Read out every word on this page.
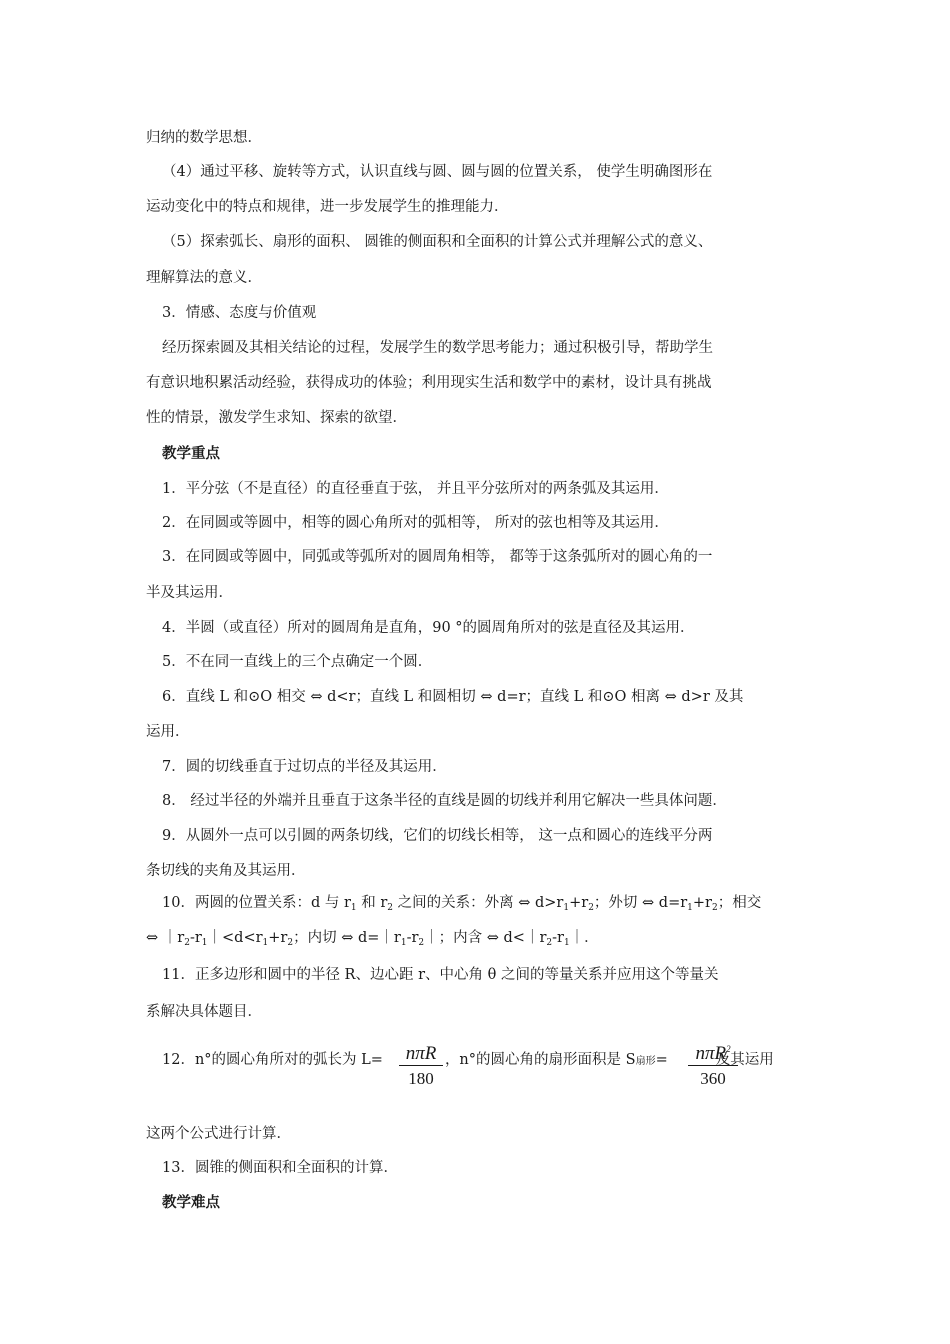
归纳的数学思想．
（4）通过平移、旋转等方式，认识直线与圆、圆与圆的位置关系， 使学生明确图形在
运动变化中的特点和规律，进一步发展学生的推理能力．
（5）探索弧长、扇形的面积、 圆锥的侧面积和全面积的计算公式并理解公式的意义、
理解算法的意义．
3．情感、态度与价值观
经历探索圆及其相关结论的过程，发展学生的数学思考能力；通过积极引导，帮助学生
有意识地积累活动经验，获得成功的体验；利用现实生活和数学中的素材，设计具有挑战
性的情景，激发学生求知、探索的欲望．
教学重点
1．平分弦（不是直径）的直径垂直于弦， 并且平分弦所对的两条弧及其运用．
2．在同圆或等圆中，相等的圆心角所对的弧相等， 所对的弦也相等及其运用．
3．在同圆或等圆中，同弧或等弧所对的圆周角相等， 都等于这条弧所对的圆心角的一
半及其运用．
4．半圆（或直径）所对的圆周角是直角，90 °的圆周角所对的弦是直径及其运用．
5．不在同一直线上的三个点确定一个圆．
6．直线 L 和⊙O 相交 ⇔ d<r；直线 L 和圆相切 ⇔ d=r；直线 L 和⊙O 相离 ⇔ d>r 及其
运用．
7．圆的切线垂直于过切点的半径及其运用．
8． 经过半径的外端并且垂直于这条半径的直线是圆的切线并利用它解决一些具体问题．
9．从圆外一点可以引圆的两条切线，它们的切线长相等， 这一点和圆心的连线平分两
条切线的夹角及其运用．
10．两圆的位置关系：d 与 $r_1$ 和 $r_2$ 之间的关系：外离 ⇔ $d>r_1+r_2$；外切 ⇔ $d=r_1+r_2$；相交
⇔ $|r_2-r_1|<d<r_1+r_2$；内切 ⇔ $d=|r_1-r_2|$；内含 ⇔ $d<|r_2-r_1|$．
11．正多边形和圆中的半径 R、边心距 r、中心角 θ 之间的等量关系并应用这个等量关
系解决具体题目．
12．n°的圆心角所对的弧长为 L=	，n°的圆心角的扇形面积是 S扇形=	及其运用
nπR
180
nπR$^2$
360
这两个公式进行计算．
13．圆锥的侧面积和全面积的计算．
教学难点
